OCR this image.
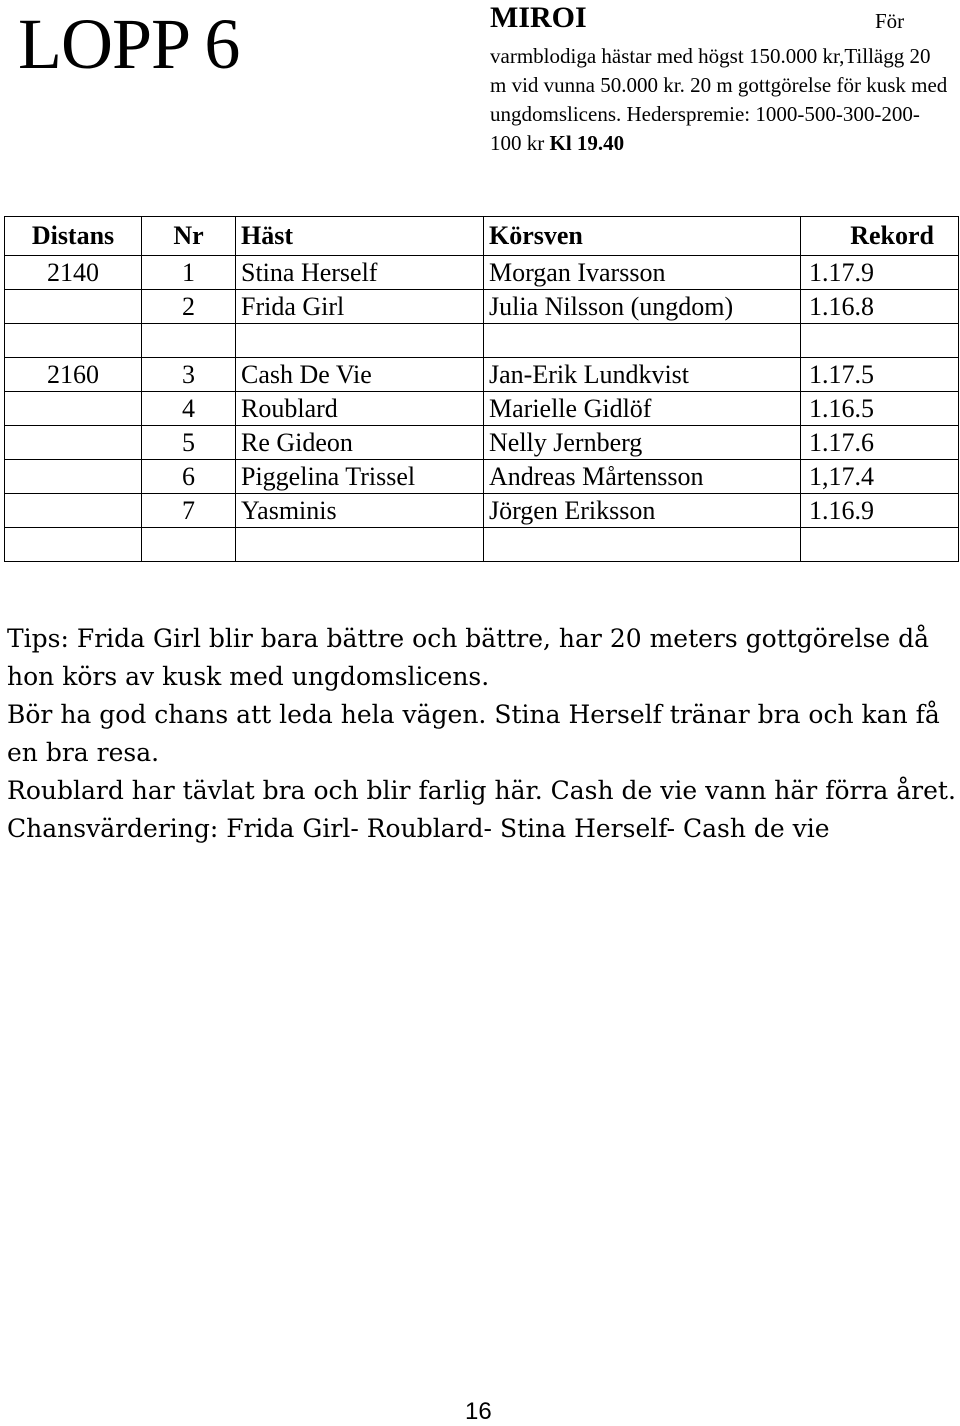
LOPP 6	MIROI	För
varmblodiga hästar med högst 150.000 kr,Tillägg 20 m vid vunna 50.000 kr. 20 m gottgörelse för kusk med ungdomslicens. Hederspremie: 1000-500-300-200-100 kr Kl 19.40
Distans	Nr	Häst	Körsven	Rekord
2140	1	Stina Herself	Morgan Ivarsson	1.17.9
	2	Frida Girl	Julia Nilsson (ungdom)	1.16.8

2160	3	Cash De Vie	Jan-Erik Lundkvist	1.17.5
	4	Roublard	Marielle Gidlöf	1.16.5
	5	Re Gideon	Nelly Jernberg	1.17.6
	6	Piggelina Trissel	Andreas Mårtensson	1,17.4
	7	Yasminis	Jörgen Eriksson	1.16.9

Tips: Frida Girl blir bara bättre och bättre, har 20 meters gottgörelse då hon körs av kusk med ungdomslicens.

Bör ha god chans att leda hela vägen. Stina Herself tränar bra och kan få en bra resa.

Roublard har tävlat bra och blir farlig här. Cash de vie vann här förra året.

Chansvärdering: Frida Girl- Roublard- Stina Herself- Cash de vie

16
